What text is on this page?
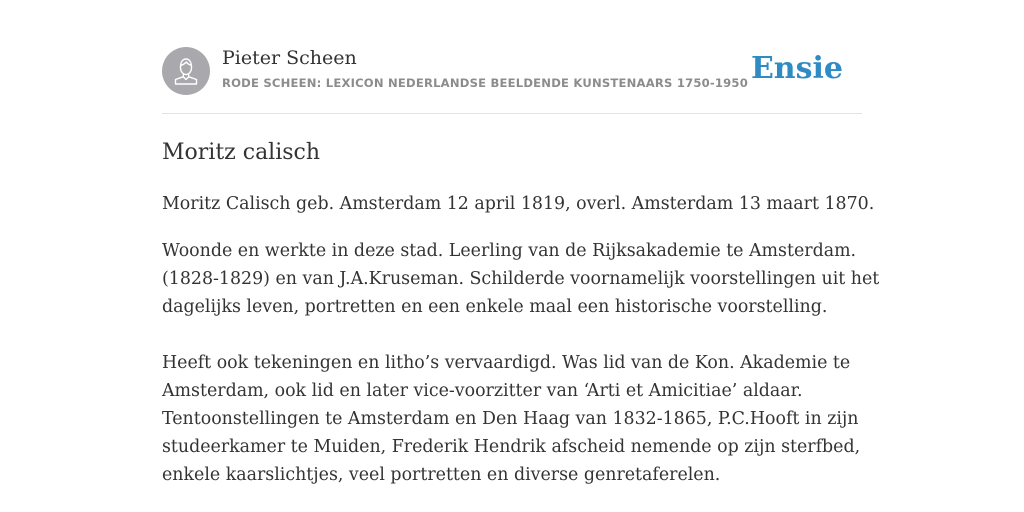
Pieter Scheen
RODE SCHEEN: LEXICON NEDERLANDSE BEELDENDE KUNSTENAARS 1750-1950 Ensie
Moritz calisch

Moritz Calisch geb. Amsterdam 12 april 1819, overl. Amsterdam 13 maart 1870.

Woonde en werkte in deze stad. Leerling van de Rijksakademie te Amsterdam.
(1828-1829) en van J.A.Kruseman. Schilderde voornamelijk voorstellingen uit het
dagelijks leven, portretten en een enkele maal een historische voorstelling.

Heeft ook tekeningen en litho’s vervaardigd. Was lid van de Kon. Akademie te
Amsterdam, ook lid en later vice-voorzitter van ‘Arti et Amicitiae’ aldaar.
Tentoonstellingen te Amsterdam en Den Haag van 1832-1865, P.C.Hooft in zijn
studeerkamer te Muiden, Frederik Hendrik afscheid nemende op zijn sterfbed,
enkele kaarslichtjes, veel portretten en diverse genretaferelen.
